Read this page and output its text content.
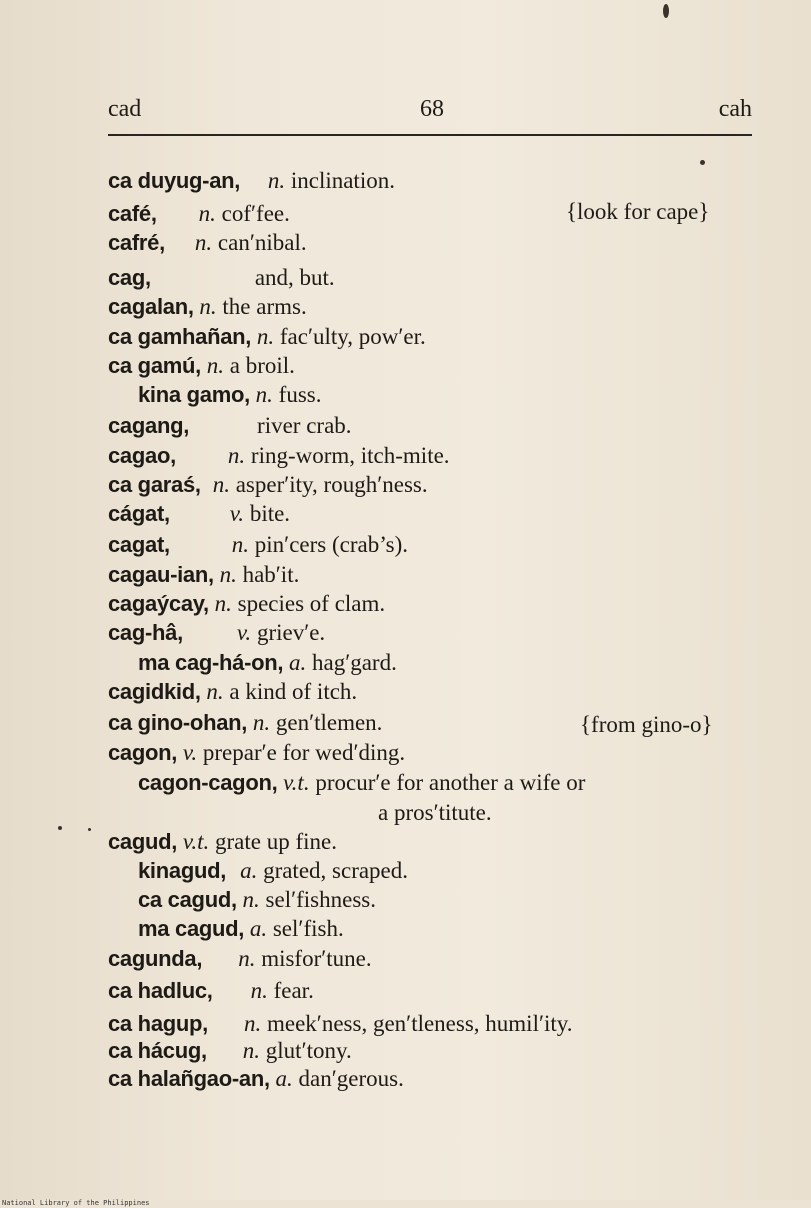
cad	68	cah
ca duyug-an, n. inclination.
café, n. cof′fee.
cafré, n. can′nibal.
cag,	and, but.
cagalan, n. the arms.
ca gamhañan, n. fac′ulty, pow′er.
ca gamú, n. a broil.
kina gamo, n. fuss.
cagang,	river crab.
cagao, n. ring-worm, itch-mite.
ca garaś, n. asper′ity, rough′ness.
cágat,	v. bite.
cagat,	n. pin′cers (crab’s).
cagau-ian, n. hab′it.
cagaýcay, n. species of clam.
cag-hâ, v. griev′e.
ma cag-há-on, a. hag′gard.
cagidkid, n. a kind of itch.
ca gino-ohan, n. gen′tlemen.
cagon, v. prepar′e for wed′ding.
cagon-cagon, v.t. procur′e for another a wife or
a pros′titute.
cagud, v.t. grate up fine.
kinagud, a. grated, scraped.
ca cagud, n. sel′fishness.
ma cagud, a. sel′fish.
cagunda, n. misfor′tune.
ca hadluc, n. fear.
ca hagup, n. meek′ness, gen′tleness, humil′ity.
ca hácug, n. glut′tony.
ca halañgao-an, a. dan′gerous.
{look for cape}
{from gino-o}
National Library of the Philippines
